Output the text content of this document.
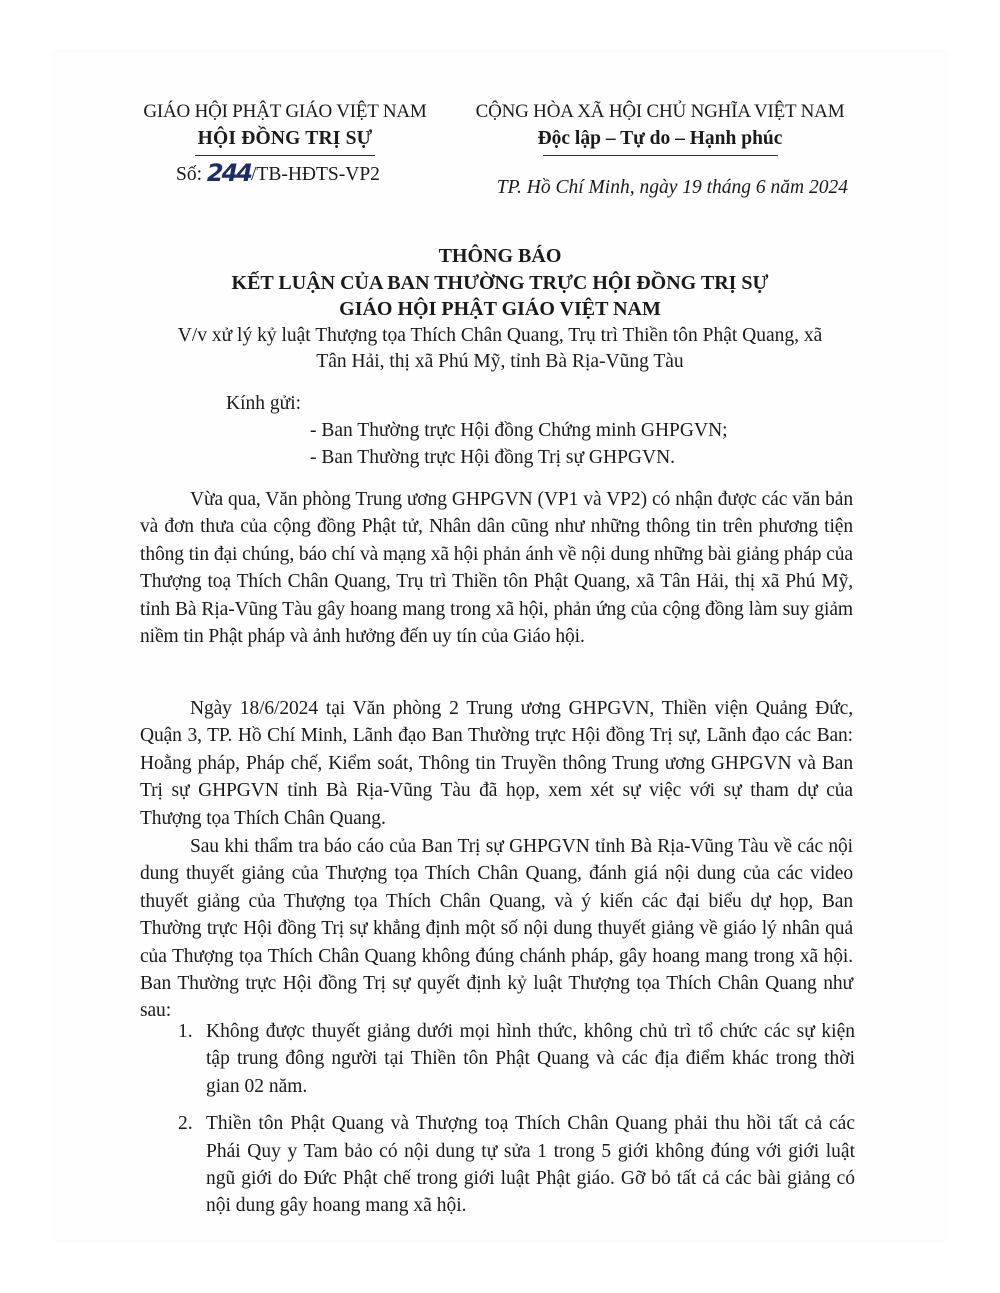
GIÁO HỘI PHẬT GIÁO VIỆT NAM
HỘI ĐỒNG TRỊ SỰ
Số: 244/TB-HĐTS-VP2
CỘNG HÒA XÃ HỘI CHỦ NGHĨA VIỆT NAM
Độc lập – Tự do – Hạnh phúc
TP. Hồ Chí Minh, ngày 19 tháng 6 năm 2024
THÔNG BÁO
KẾT LUẬN CỦA BAN THƯỜNG TRỰC HỘI ĐỒNG TRỊ SỰ
GIÁO HỘI PHẬT GIÁO VIỆT NAM
V/v xử lý kỷ luật Thượng tọa Thích Chân Quang, Trụ trì Thiền tôn Phật Quang, xã
Tân Hải, thị xã Phú Mỹ, tỉnh Bà Rịa-Vũng Tàu
Kính gửi:
- Ban Thường trực Hội đồng Chứng minh GHPGVN;
- Ban Thường trực Hội đồng Trị sự GHPGVN.
Vừa qua, Văn phòng Trung ương GHPGVN (VP1 và VP2) có nhận được các văn bản và đơn thưa của cộng đồng Phật tử, Nhân dân cũng như những thông tin trên phương tiện thông tin đại chúng, báo chí và mạng xã hội phản ánh về nội dung những bài giảng pháp của Thượng toạ Thích Chân Quang, Trụ trì Thiền tôn Phật Quang, xã Tân Hải, thị xã Phú Mỹ, tỉnh Bà Rịa-Vũng Tàu gây hoang mang trong xã hội, phản ứng của cộng đồng làm suy giảm niềm tin Phật pháp và ảnh hưởng đến uy tín của Giáo hội.
Ngày 18/6/2024 tại Văn phòng 2 Trung ương GHPGVN, Thiền viện Quảng Đức, Quận 3, TP. Hồ Chí Minh, Lãnh đạo Ban Thường trực Hội đồng Trị sự, Lãnh đạo các Ban: Hoằng pháp, Pháp chế, Kiểm soát, Thông tin Truyền thông Trung ương GHPGVN và Ban Trị sự GHPGVN tỉnh Bà Rịa-Vũng Tàu đã họp, xem xét sự việc với sự tham dự của Thượng tọa Thích Chân Quang.
Sau khi thẩm tra báo cáo của Ban Trị sự GHPGVN tỉnh Bà Rịa-Vũng Tàu về các nội dung thuyết giảng của Thượng tọa Thích Chân Quang, đánh giá nội dung của các video thuyết giảng của Thượng tọa Thích Chân Quang, và ý kiến các đại biểu dự họp, Ban Thường trực Hội đồng Trị sự khẳng định một số nội dung thuyết giảng về giáo lý nhân quả của Thượng tọa Thích Chân Quang không đúng chánh pháp, gây hoang mang trong xã hội. Ban Thường trực Hội đồng Trị sự quyết định kỷ luật Thượng tọa Thích Chân Quang như sau:
1. Không được thuyết giảng dưới mọi hình thức, không chủ trì tổ chức các sự kiện tập trung đông người tại Thiền tôn Phật Quang và các địa điểm khác trong thời gian 02 năm.
2. Thiền tôn Phật Quang và Thượng toạ Thích Chân Quang phải thu hồi tất cả các Phái Quy y Tam bảo có nội dung tự sửa 1 trong 5 giới không đúng với giới luật ngũ giới do Đức Phật chế trong giới luật Phật giáo. Gỡ bỏ tất cả các bài giảng có nội dung gây hoang mang xã hội.
